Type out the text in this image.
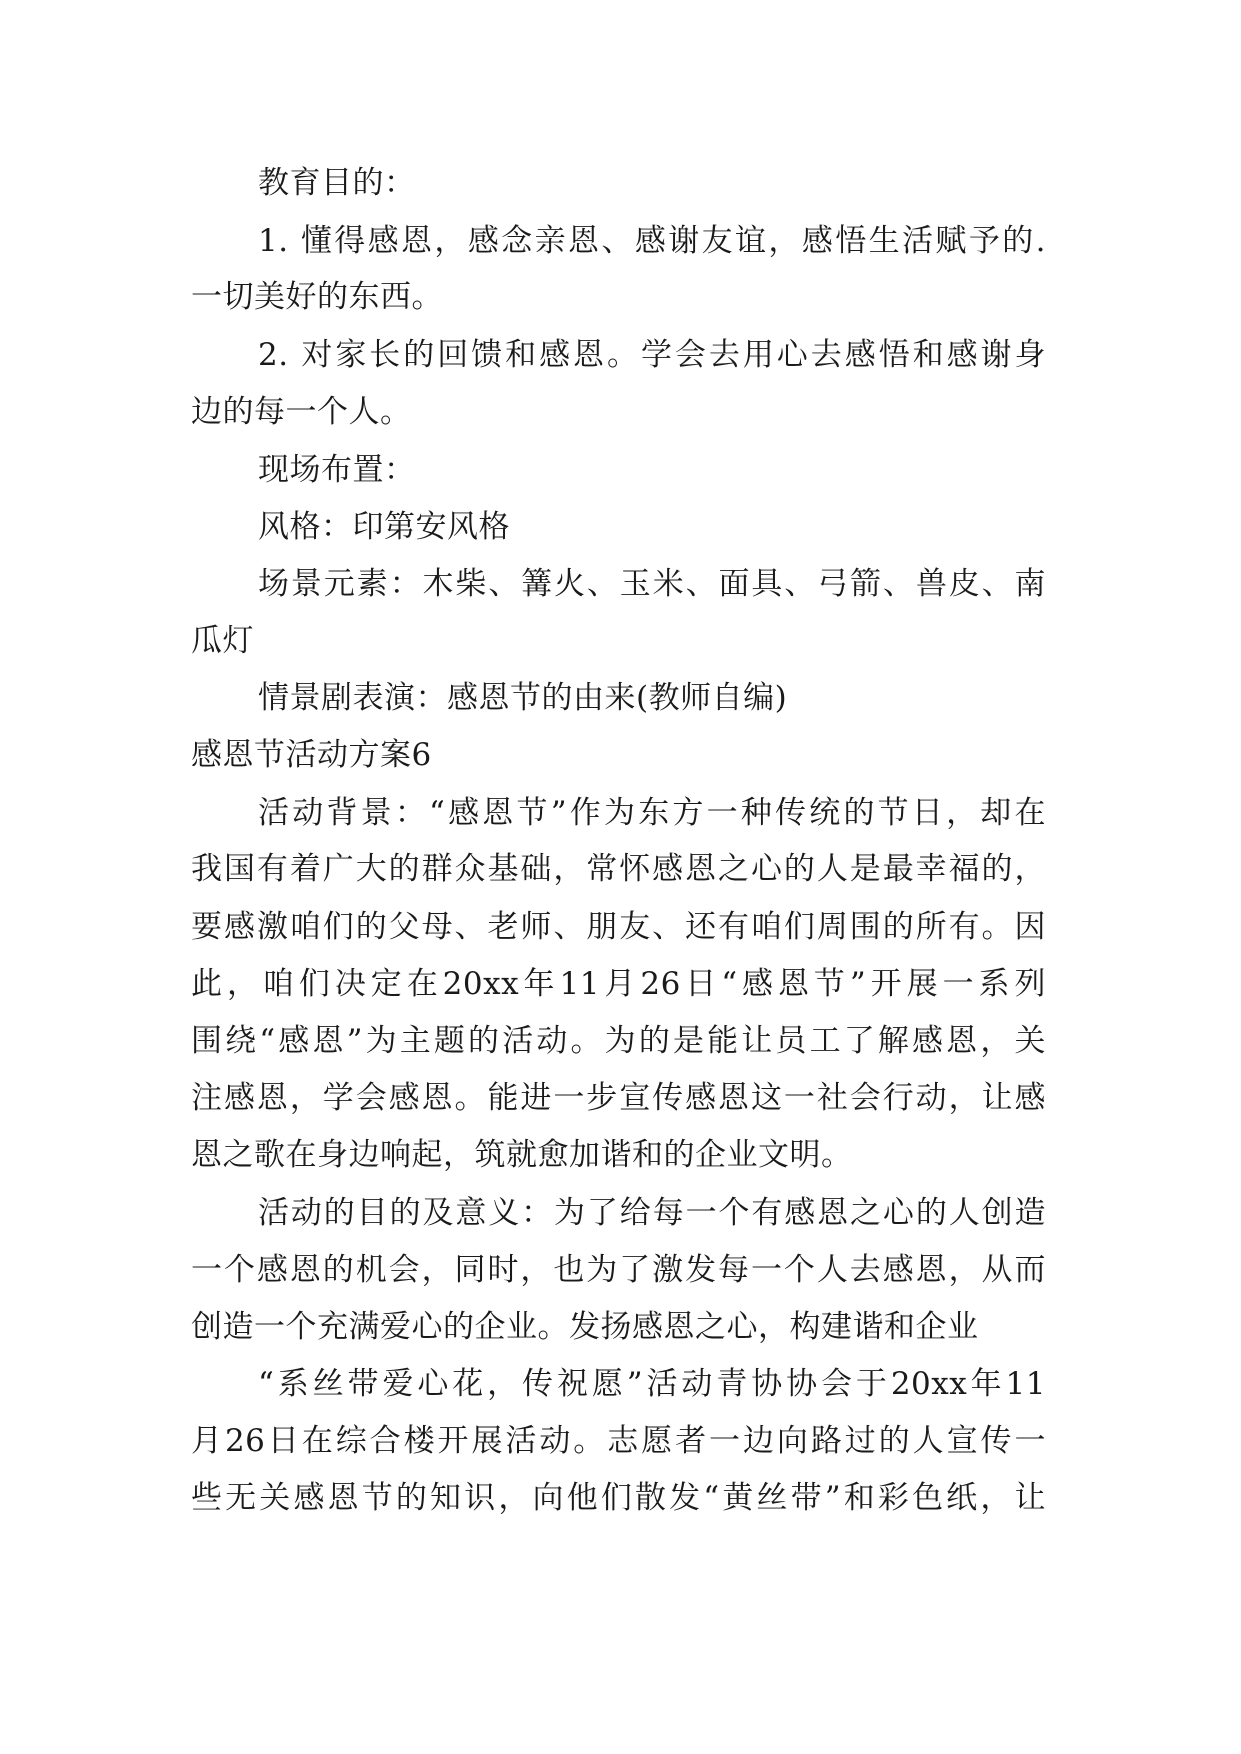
教育目的：
1. 懂得感恩，感念亲恩、感谢友谊，感悟生活赋予的.
一切美好的东西。
2. 对家长的回馈和感恩。学会去用心去感悟和感谢身
边的每一个人。
现场布置：
风格：印第安风格
场景元素：木柴、篝火、玉米、面具、弓箭、兽皮、南
瓜灯
情景剧表演：感恩节的由来(教师自编)
感恩节活动方案6
活动背景：“感恩节”作为东方一种传统的节日，却在
我国有着广大的群众基础，常怀感恩之心的人是最幸福的，
要感激咱们的父母、老师、朋友、还有咱们周围的所有。因
此，咱们决定在20xx年11月26日“感恩节”开展一系列
围绕“感恩”为主题的活动。为的是能让员工了解感恩，关
注感恩，学会感恩。能进一步宣传感恩这一社会行动，让感
恩之歌在身边响起，筑就愈加谐和的企业文明。
活动的目的及意义：为了给每一个有感恩之心的人创造
一个感恩的机会，同时，也为了激发每一个人去感恩，从而
创造一个充满爱心的企业。发扬感恩之心，构建谐和企业
“系丝带爱心花，传祝愿”活动青协协会于20xx年11
月26日在综合楼开展活动。志愿者一边向路过的人宣传一
些无关感恩节的知识，向他们散发“黄丝带”和彩色纸，让
